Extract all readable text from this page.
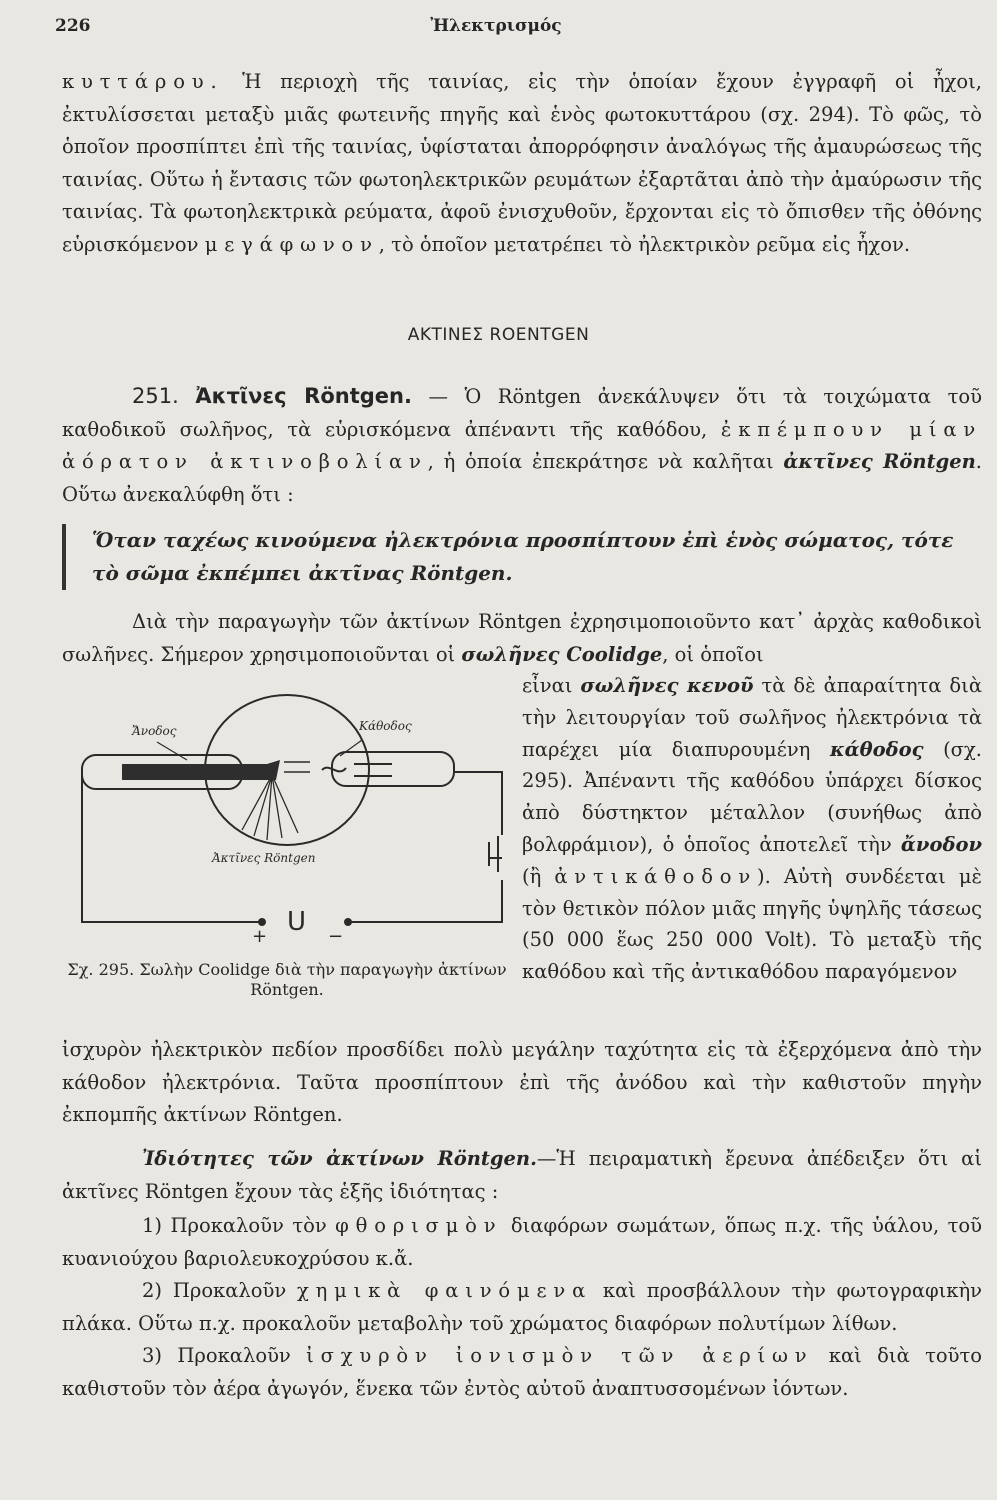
226	Ἠλεκτρισμός
κυττάρου. Ἡ περιοχὴ τῆς ταινίας, εἰς τὴν ὁποίαν ἔχουν ἐγγραφῆ οἱ ἦχοι, ἐκτυλίσσεται μεταξὺ μιᾶς φωτεινῆς πηγῆς καὶ ἑνὸς φωτοκυττάρου (σχ. 294). Τὸ φῶς, τὸ ὁποῖον προσπίπτει ἐπὶ τῆς ταινίας, ὑφίσταται ἀπορρόφησιν ἀναλόγως τῆς ἀμαυρώσεως τῆς ταινίας. Οὕτω ἡ ἔντασις τῶν φωτοηλεκτρικῶν ρευμάτων ἐξαρτᾶται ἀπὸ τὴν ἀμαύρωσιν τῆς ταινίας. Τὰ φωτοηλεκτρικὰ ρεύματα, ἀφοῦ ἐνισχυθοῦν, ἔρχονται εἰς τὸ ὄπισθεν τῆς ὀθόνης εὑρισκόμενον μεγάφωνον, τὸ ὁποῖον μετατρέπει τὸ ἠλεκτρικὸν ρεῦμα εἰς ἦχον.
ΑΚΤΙΝΕΣ ROENTGEN
251. Ἀκτῖνες Röntgen. — Ὁ Röntgen ἀνεκάλυψεν ὅτι τὰ τοιχώματα τοῦ καθοδικοῦ σωλῆνος, τὰ εὑρισκόμενα ἀπέναντι τῆς καθόδου, ἐκπέμπουν μίαν ἀόρατον ἀκτινοβολίαν, ἡ ὁποία ἐπεκράτησε νὰ καλῆται ἀκτῖνες Röntgen. Οὕτω ἀνεκαλύφθη ὅτι :
Ὅταν ταχέως κινούμενα ἠλεκτρόνια προσπίπτουν ἐπὶ ἑνὸς σώματος, τότε τὸ σῶμα ἐκπέμπει ἀκτῖνας Röntgen.
Διὰ τὴν παραγωγὴν τῶν ἀκτίνων Röntgen ἐχρησιμοποιοῦντο κατ᾽ ἀρχὰς καθοδικοὶ σωλῆνες. Σήμερον χρησιμοποιοῦνται οἱ σωλῆνες Coolidge, οἱ ὁποῖοι
εἶναι σωλῆνες κενοῦ τὰ δὲ ἀπαραίτητα διὰ τὴν λειτουργίαν τοῦ σωλῆνος ἠλεκτρόνια τὰ παρέχει μία διαπυρουμένη κάθοδος (σχ. 295). Ἀπέναντι τῆς καθόδου ὑπάρχει δίσκος ἀπὸ δύστηκτον μέταλλον (συνήθως ἀπὸ βολφράμιον), ὁ ὁποῖος ἀποτελεῖ τὴν ἄνοδον (ἢ ἀντικάθοδον). Αὐτὴ συνδέεται μὲ τὸν θετικὸν πόλον μιᾶς πηγῆς ὑψηλῆς τάσεως (50 000 ἕως 250 000 Volt). Τὸ μεταξὺ τῆς καθόδου καὶ τῆς ἀντικαθόδου παραγόμενον
Ἄνοδος	Κάθοδος
Ἀκτῖνες Röntgen
U
+	−
Σχ. 295. Σωλὴν Coolidge διὰ τὴν παραγωγὴν ἀκτίνων Röntgen.
ἰσχυρὸν ἠλεκτρικὸν πεδίον προσδίδει πολὺ μεγάλην ταχύτητα εἰς τὰ ἐξερχόμενα ἀπὸ τὴν κάθοδον ἠλεκτρόνια. Ταῦτα προσπίπτουν ἐπὶ τῆς ἀνόδου καὶ τὴν καθιστοῦν πηγὴν ἐκπομπῆς ἀκτίνων Röntgen.
Ἰδιότητες τῶν ἀκτίνων Röntgen.—Ἡ πειραματικὴ ἔρευνα ἀπέδειξεν ὅτι αἱ ἀκτῖνες Röntgen ἔχουν τὰς ἑξῆς ἰδιότητας :
1) Προκαλοῦν τὸν φθορισμὸν διαφόρων σωμάτων, ὅπως π.χ. τῆς ὑάλου, τοῦ κυανιούχου βαριολευκοχρύσου κ.ἄ.
2) Προκαλοῦν χημικὰ φαινόμενα καὶ προσβάλλουν τὴν φωτογραφικὴν πλάκα. Οὕτω π.χ. προκαλοῦν μεταβολὴν τοῦ χρώματος διαφόρων πολυτίμων λίθων.
3) Προκαλοῦν ἰσχυρὸν ἰονισμὸν τῶν ἀερίων καὶ διὰ τοῦτο καθιστοῦν τὸν ἀέρα ἀγωγόν, ἕνεκα τῶν ἐντὸς αὐτοῦ ἀναπτυσσομένων ἰόντων.
